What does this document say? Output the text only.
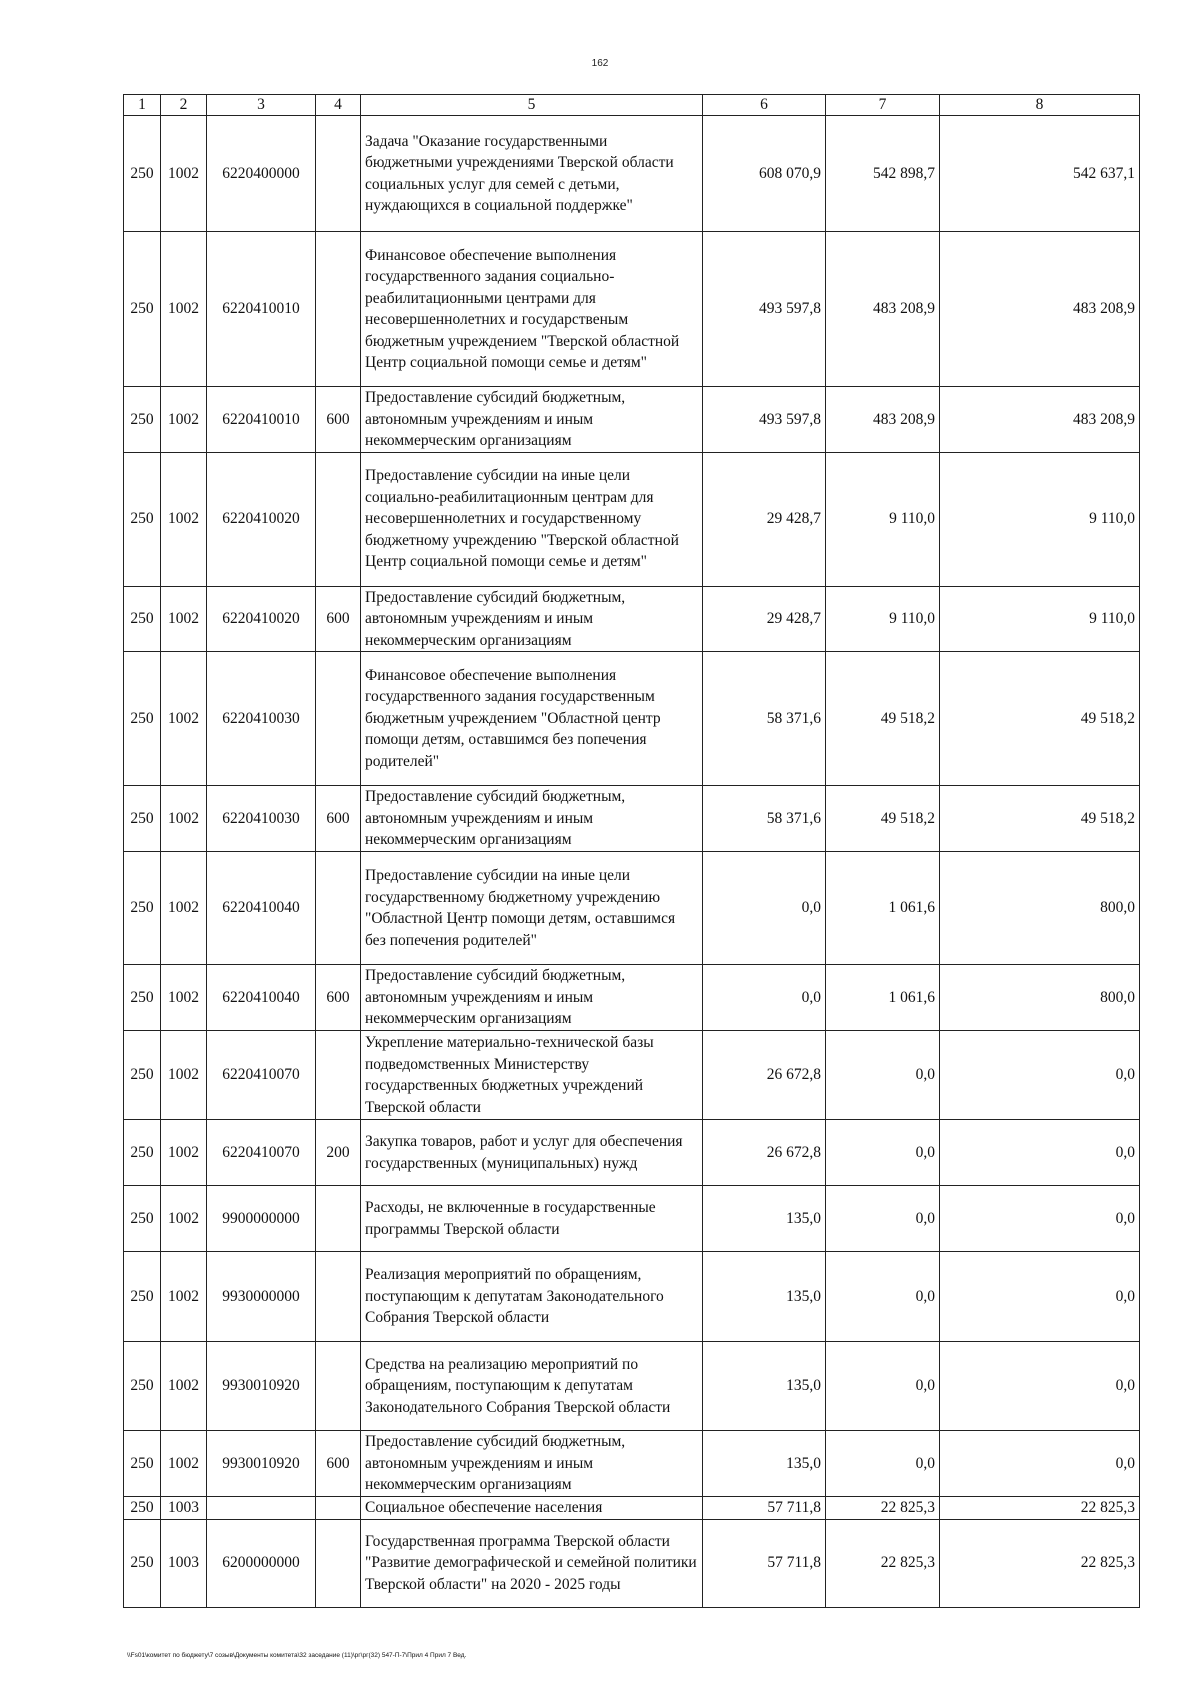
162
1	2	3	4	5	6	7	8
250	1002	6220400000		Задача "Оказание государственными бюджетными учреждениями Тверской области социальных услуг для семей с детьми, нуждающихся в социальной поддержке"	608 070,9	542 898,7	542 637,1
250	1002	6220410010		Финансовое обеспечение выполнения государственного задания социально-реабилитационными центрами для несовершеннолетних и государственым бюджетным учреждением "Тверской областной Центр социальной помощи семье и детям"	493 597,8	483 208,9	483 208,9
250	1002	6220410010	600	Предоставление субсидий бюджетным, автономным учреждениям и иным некоммерческим организациям	493 597,8	483 208,9	483 208,9
250	1002	6220410020		Предоставление субсидии на иные цели социально-реабилитационным центрам для несовершеннолетних и государственному бюджетному учреждению "Тверской областной Центр социальной помощи семье и детям"	29 428,7	9 110,0	9 110,0
250	1002	6220410020	600	Предоставление субсидий бюджетным, автономным учреждениям и иным некоммерческим организациям	29 428,7	9 110,0	9 110,0
250	1002	6220410030		Финансовое обеспечение выполнения государственного задания государственным бюджетным учреждением "Областной центр помощи детям, оставшимся без попечения родителей"	58 371,6	49 518,2	49 518,2
250	1002	6220410030	600	Предоставление субсидий бюджетным, автономным учреждениям и иным некоммерческим организациям	58 371,6	49 518,2	49 518,2
250	1002	6220410040		Предоставление субсидии на иные цели государственному бюджетному учреждению "Областной Центр помощи детям, оставшимся без попечения родителей"	0,0	1 061,6	800,0
250	1002	6220410040	600	Предоставление субсидий бюджетным, автономным учреждениям и иным некоммерческим организациям	0,0	1 061,6	800,0
250	1002	6220410070		Укрепление материально-технической базы подведомственных Министерству государственных бюджетных учреждений Тверской области	26 672,8	0,0	0,0
250	1002	6220410070	200	Закупка товаров, работ и услуг для обеспечения государственных (муниципальных) нужд	26 672,8	0,0	0,0
250	1002	9900000000		Расходы, не включенные в государственные программы Тверской области	135,0	0,0	0,0
250	1002	9930000000		Реализация мероприятий по обращениям, поступающим к депутатам Законодательного Собрания Тверской области	135,0	0,0	0,0
250	1002	9930010920		Средства на реализацию мероприятий по обращениям, поступающим к депутатам Законодательного Собрания Тверской области	135,0	0,0	0,0
250	1002	9930010920	600	Предоставление субсидий бюджетным, автономным учреждениям и иным некоммерческим организациям	135,0	0,0	0,0
250	1003			Социальное обеспечение населения	57 711,8	22 825,3	22 825,3
250	1003	6200000000		Государственная программа Тверской области "Развитие демографической и семейной политики Тверской области" на 2020 - 2025 годы	57 711,8	22 825,3	22 825,3
\\Fs01\комитет по бюджету\7 созыв\Документы комитета\32 заседание (11)\рг\рг(32) 547-П-7\Прил 4 Прил 7 Вед.
